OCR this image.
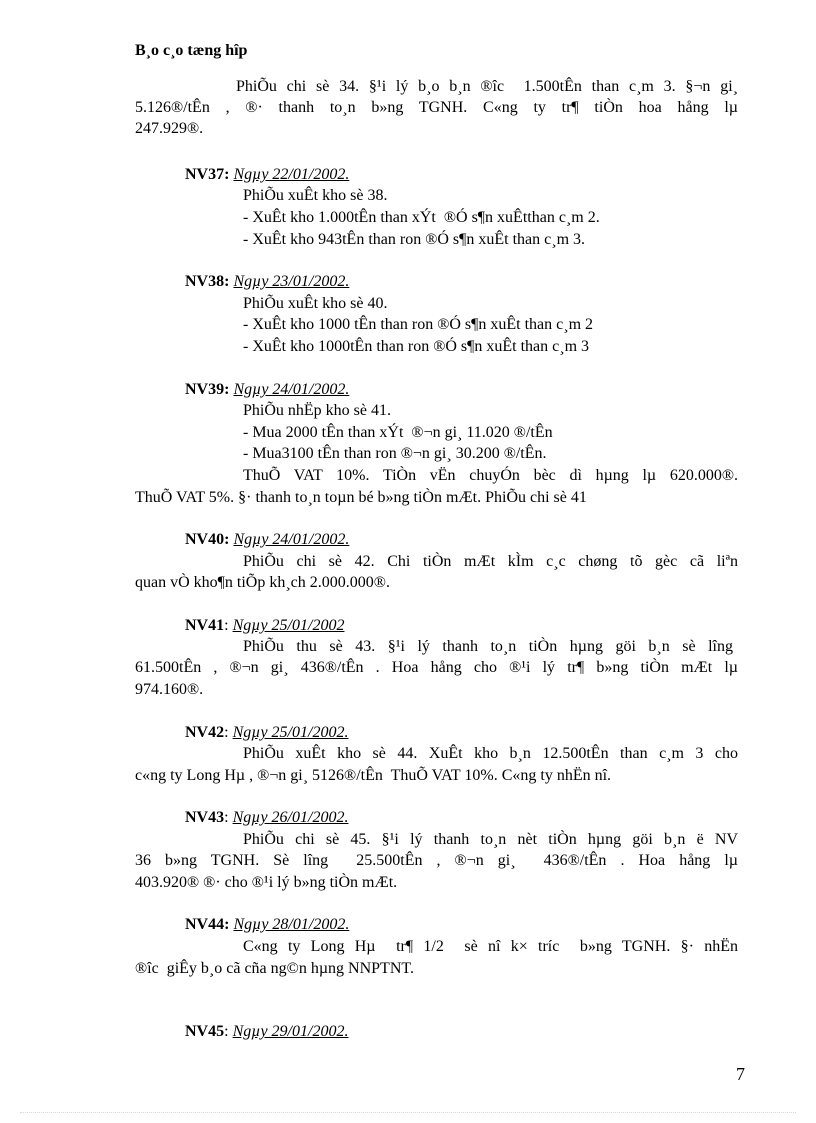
B¸o c¸o tæng hîp
PhiÕu chi sè 34. §¹i lý b¸o b¸n ®îc  1.500tÊn than c¸m 3. §¬n gi¸
5.126®/tÊn , ®· thanh to¸n b»ng TGNH. C«ng ty tr¶ tiÒn hoa hång lµ
247.929®.
NV37: Ngµy 22/01/2002.
PhiÕu xuÊt kho sè 38.
- XuÊt kho 1.000tÊn than xÝt  ®Ó s¶n xuÊtthan c¸m 2.
- XuÊt kho 943tÊn than ron ®Ó s¶n xuÊt than c¸m 3.
NV38: Ngµy 23/01/2002.
PhiÕu xuÊt kho sè 40.
- XuÊt kho 1000 tÊn than ron ®Ó s¶n xuÊt than c¸m 2
- XuÊt kho 1000tÊn than ron ®Ó s¶n xuÊt than c¸m 3
NV39: Ngµy 24/01/2002.
PhiÕu nhËp kho sè 41.
- Mua 2000 tÊn than xÝt  ®¬n gi¸ 11.020 ®/tÊn
- Mua3100 tÊn than ron ®¬n gi¸ 30.200 ®/tÊn.
ThuÕ VAT 10%. TiÒn vËn chuyÓn bèc dì hµng lµ 620.000®.
ThuÕ VAT 5%. §· thanh to¸n toµn bé b»ng tiÒn mÆt. PhiÕu chi sè 41
NV40: Ngµy 24/01/2002.
PhiÕu chi sè 42. Chi tiÒn mÆt kÌm c¸c chøng tõ gèc cã liªn
quan vÒ kho¶n tiÕp kh¸ch 2.000.000®.
NV41: Ngµy 25/01/2002
PhiÕu thu sè 43. §¹i lý thanh to¸n tiÒn hµng göi b¸n sè lîng
61.500tÊn , ®¬n gi¸ 436®/tÊn . Hoa hång cho ®¹i lý tr¶ b»ng tiÒn mÆt lµ
974.160®.
NV42: Ngµy 25/01/2002.
PhiÕu xuÊt kho sè 44. XuÊt kho b¸n 12.500tÊn than c¸m 3 cho
c«ng ty Long Hµ , ®¬n gi¸ 5126®/tÊn  ThuÕ VAT 10%. C«ng ty nhËn nî.
NV43: Ngµy 26/01/2002.
PhiÕu chi sè 45. §¹i lý thanh to¸n nèt tiÒn hµng göi b¸n ë NV
36 b»ng TGNH. Sè lîng  25.500tÊn , ®¬n gi¸  436®/tÊn . Hoa hång lµ
403.920® ®· cho ®¹i lý b»ng tiÒn mÆt.
NV44: Ngµy 28/01/2002.
C«ng ty Long Hµ  tr¶ 1/2  sè nî k× tríc  b»ng TGNH. §· nhËn
®îc  giÊy b¸o cã cña ng©n hµng NNPTNT.
NV45: Ngµy 29/01/2002.
7
